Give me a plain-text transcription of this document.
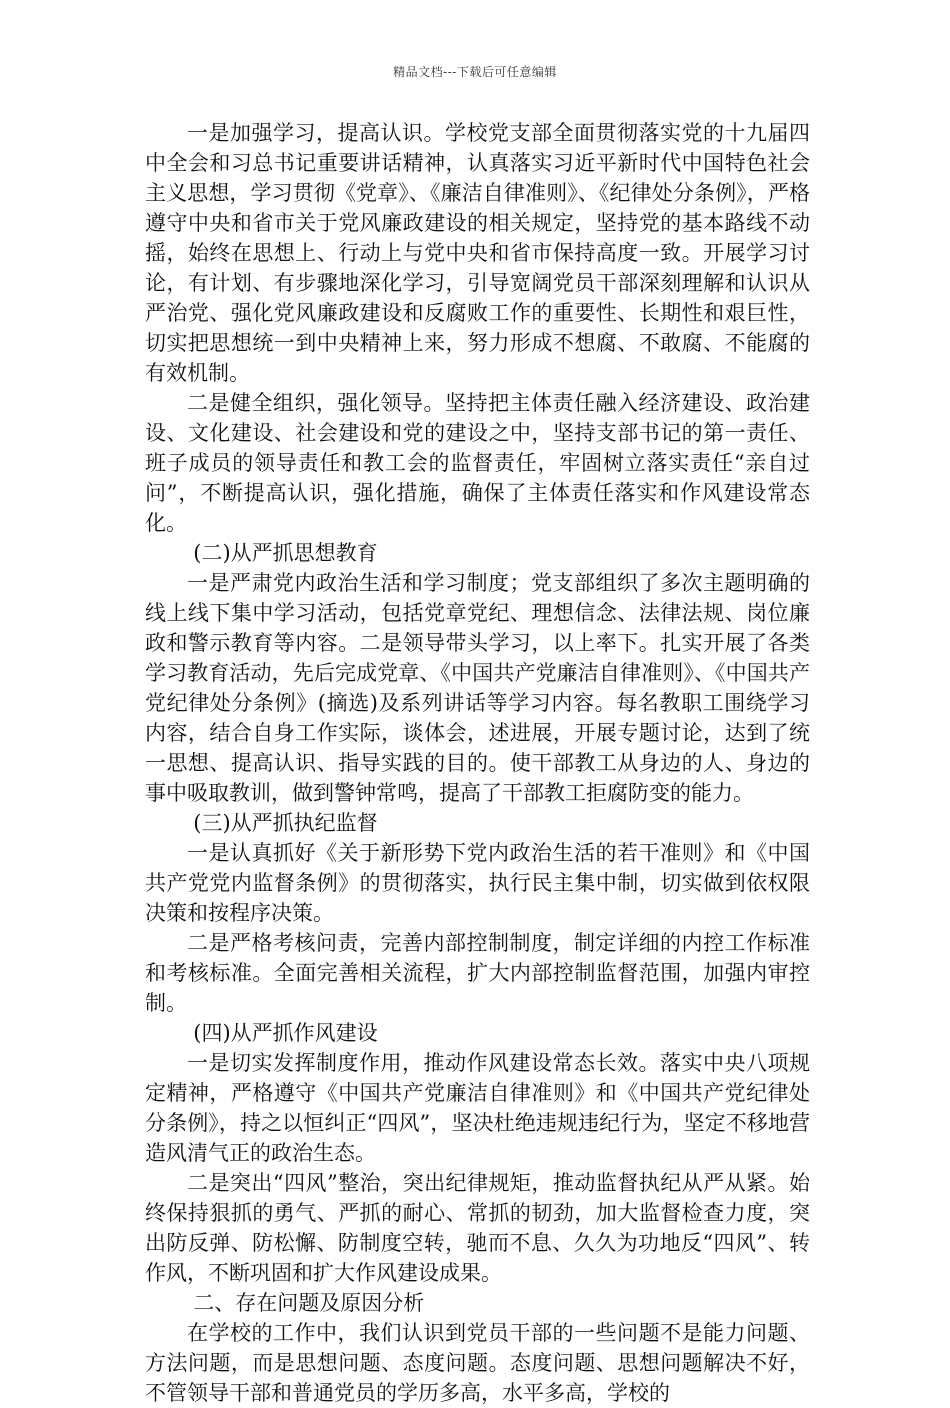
精品文档---下载后可任意编辑

一是加强学习，提高认识。学校党支部全面贯彻落实党的十九届四中全会和习总书记重要讲话精神，认真落实习近平新时代中国特色社会主义思想，学习贯彻《党章》、《廉洁自律准则》、《纪律处分条例》，严格遵守中央和省市关于党风廉政建设的相关规定，坚持党的基本路线不动摇，始终在思想上、行动上与党中央和省市保持高度一致。开展学习讨论，有计划、有步骤地深化学习，引导宽阔党员干部深刻理解和认识从严治党、强化党风廉政建设和反腐败工作的重要性、长期性和艰巨性，切实把思想统一到中央精神上来，努力形成不想腐、不敢腐、不能腐的有效机制。

二是健全组织，强化领导。坚持把主体责任融入经济建设、政治建设、文化建设、社会建设和党的建设之中，坚持支部书记的第一责任、班子成员的领导责任和教工会的监督责任，牢固树立落实责任“亲自过问”，不断提高认识，强化措施，确保了主体责任落实和作风建设常态化。

(二)从严抓思想教育

一是严肃党内政治生活和学习制度；党支部组织了多次主题明确的线上线下集中学习活动，包括党章党纪、理想信念、法律法规、岗位廉政和警示教育等内容。二是领导带头学习，以上率下。扎实开展了各类学习教育活动，先后完成党章、《中国共产党廉洁自律准则》、《中国共产党纪律处分条例》(摘选)及系列讲话等学习内容。每名教职工围绕学习内容，结合自身工作实际，谈体会，述进展，开展专题讨论，达到了统一思想、提高认识、指导实践的目的。使干部教工从身边的人、身边的事中吸取教训，做到警钟常鸣，提高了干部教工拒腐防变的能力。

(三)从严抓执纪监督

一是认真抓好《关于新形势下党内政治生活的若干准则》和《中国共产党党内监督条例》的贯彻落实，执行民主集中制，切实做到依权限决策和按程序决策。

二是严格考核问责，完善内部控制制度，制定详细的内控工作标准和考核标准。全面完善相关流程，扩大内部控制监督范围，加强内审控制。

(四)从严抓作风建设

一是切实发挥制度作用，推动作风建设常态长效。落实中央八项规定精神，严格遵守《中国共产党廉洁自律准则》和《中国共产党纪律处分条例》，持之以恒纠正“四风”，坚决杜绝违规违纪行为，坚定不移地营造风清气正的政治生态。

二是突出“四风”整治，突出纪律规矩，推动监督执纪从严从紧。始终保持狠抓的勇气、严抓的耐心、常抓的韧劲，加大监督检查力度，突出防反弹、防松懈、防制度空转，驰而不息、久久为功地反“四风”、转作风，不断巩固和扩大作风建设成果。

二、存在问题及原因分析

在学校的工作中，我们认识到党员干部的一些问题不是能力问题、方法问题，而是思想问题、态度问题。态度问题、思想问题解决不好，不管领导干部和普通党员的学历多高，水平多高，学校的
